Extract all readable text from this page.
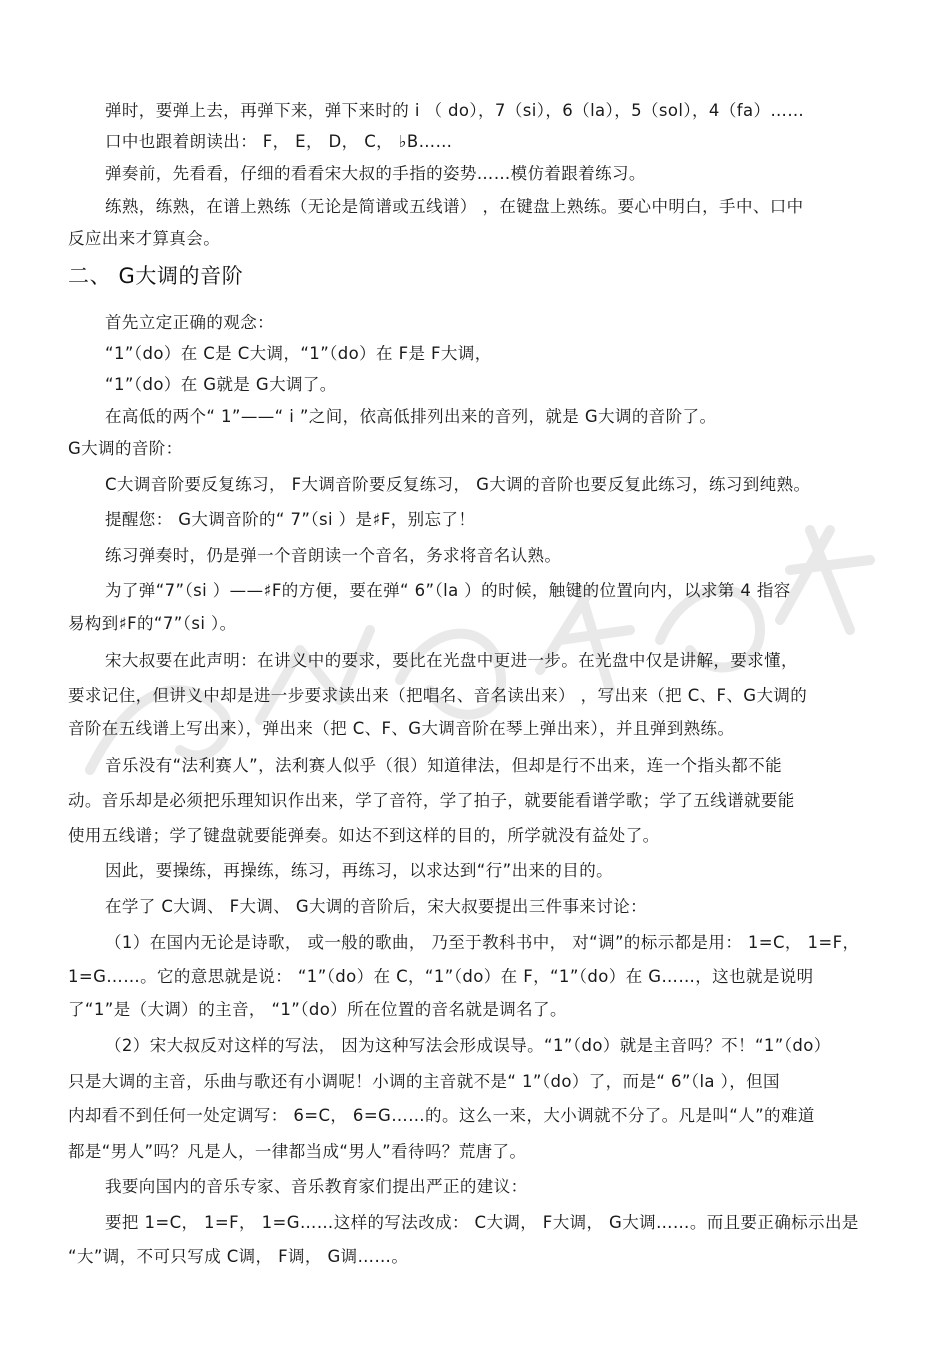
弹时，要弹上去，再弹下来，弹下来时的 i （ do），7（si），6（la），5（sol），4（fa）……
口中也跟着朗读出： F， E， D， C， ♭B……
弹奏前，先看看，仔细的看看宋大叔的手指的姿势……模仿着跟着练习。
练熟，练熟，在谱上熟练（无论是简谱或五线谱） ，在键盘上熟练。要心中明白，手中、口中
反应出来才算真会。
二、 G大调的音阶
首先立定正确的观念：
“1”（do）在 C是 C大调，“1”（do）在 F是 F大调，
“1”（do）在 G就是 G大调了。
在高低的两个“ 1”——“ i ”之间，依高低排列出来的音列，就是 G大调的音阶了。
G大调的音阶：
C大调音阶要反复练习， F大调音阶要反复练习， G大调的音阶也要反复此练习，练习到纯熟。
提醒您： G大调音阶的“ 7”（si ）是♯F，别忘了！
练习弹奏时，仍是弹一个音朗读一个音名，务求将音名认熟。
为了弹“7”（si ）——♯F的方便，要在弹“ 6”（la ）的时候，触键的位置向内，以求第 4 指容
易构到♯F的“7”（si ）。
宋大叔要在此声明：在讲义中的要求，要比在光盘中更进一步。在光盘中仅是讲解，要求懂，
要求记住，但讲义中却是进一步要求读出来（把唱名、音名读出来） ，写出来（把 C、F、G大调的
音阶在五线谱上写出来），弹出来（把 C、F、G大调音阶在琴上弹出来），并且弹到熟练。
音乐没有“法利赛人”，法利赛人似乎（很）知道律法，但却是行不出来，连一个指头都不能
动。音乐却是必须把乐理知识作出来，学了音符，学了拍子，就要能看谱学歌；学了五线谱就要能
使用五线谱；学了键盘就要能弹奏。如达不到这样的目的，所学就没有益处了。
因此，要操练，再操练，练习，再练习，以求达到“行”出来的目的。
在学了 C大调、 F大调、 G大调的音阶后，宋大叔要提出三件事来讨论：
（1）在国内无论是诗歌， 或一般的歌曲， 乃至于教科书中， 对“调”的标示都是用： 1=C， 1=F，
1=G……。它的意思就是说： “1”（do）在 C，“1”（do）在 F，“1”（do）在 G……，这也就是说明
了“1”是（大调）的主音， “1”（do）所在位置的音名就是调名了。
（2）宋大叔反对这样的写法， 因为这种写法会形成误导。“1”（do）就是主音吗？不！“1”（do）
只是大调的主音，乐曲与歌还有小调呢！小调的主音就不是“ 1”（do）了，而是“ 6”（la ），但国
内却看不到任何一处定调写： 6=C， 6=G……的。这么一来，大小调就不分了。凡是叫“人”的难道
都是“男人”吗？凡是人，一律都当成“男人”看待吗？荒唐了。
我要向国内的音乐专家、音乐教育家们提出严正的建议：
要把 1=C， 1=F， 1=G……这样的写法改成： C大调， F大调， G大调……。而且要正确标示出是
“大”调，不可只写成 C调， F调， G调……。
